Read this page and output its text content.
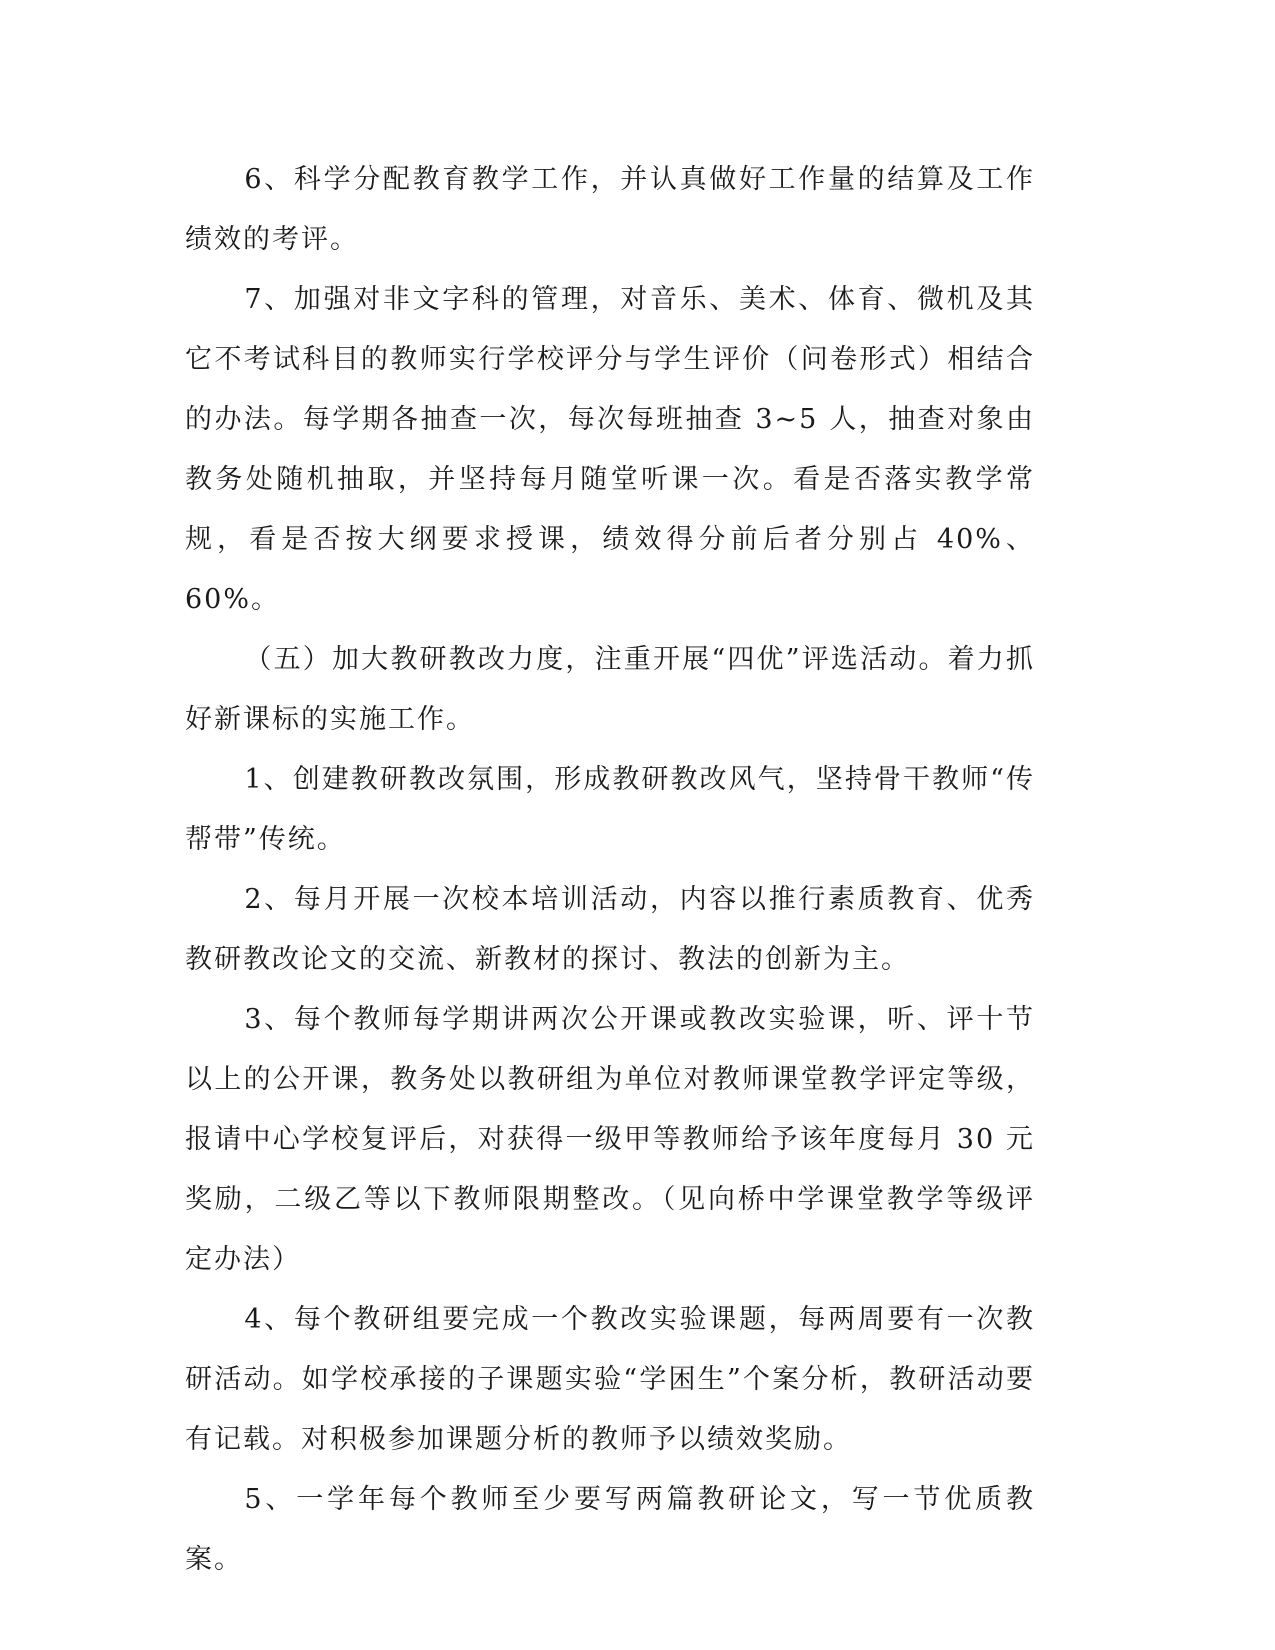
6、科学分配教育教学工作，并认真做好工作量的结算及工作绩效的考评。

7、加强对非文字科的管理，对音乐、美术、体育、微机及其它不考试科目的教师实行学校评分与学生评价（问卷形式）相结合的办法。每学期各抽查一次，每次每班抽查 3~5 人，抽查对象由教务处随机抽取，并坚持每月随堂听课一次。看是否落实教学常规，看是否按大纲要求授课，绩效得分前后者分别占 40%、60%。

（五）加大教研教改力度，注重开展“四优”评选活动。着力抓好新课标的实施工作。

1、创建教研教改氛围，形成教研教改风气，坚持骨干教师“传帮带”传统。

2、每月开展一次校本培训活动，内容以推行素质教育、优秀教研教改论文的交流、新教材的探讨、教法的创新为主。

3、每个教师每学期讲两次公开课或教改实验课，听、评十节以上的公开课，教务处以教研组为单位对教师课堂教学评定等级，报请中心学校复评后，对获得一级甲等教师给予该年度每月 30 元奖励，二级乙等以下教师限期整改。（见向桥中学课堂教学等级评定办法）

4、每个教研组要完成一个教改实验课题，每两周要有一次教研活动。如学校承接的子课题实验“学困生”个案分析，教研活动要有记载。对积极参加课题分析的教师予以绩效奖励。

5、一学年每个教师至少要写两篇教研论文，写一节优质教案。
